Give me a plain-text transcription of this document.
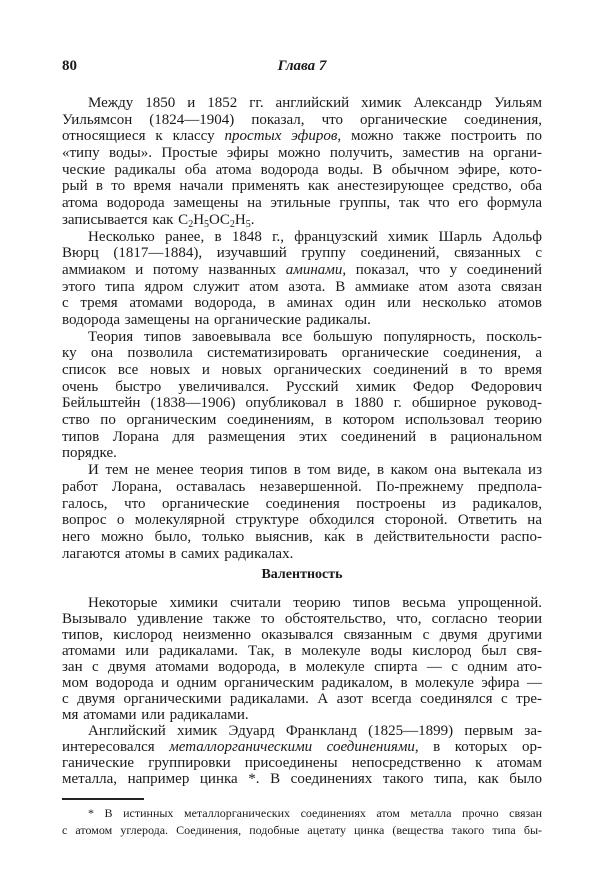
80	Глава 7
Между 1850 и 1852 гг. английский химик Александр Уильям
Уильямсон (1824—1904) показал, что органические соединения,
относящиеся к классу простых эфиров, можно также построить по
«типу воды». Простые эфиры можно получить, заместив на органи-
ческие радикалы оба атома водорода воды. В обычном эфире, кото-
рый в то время начали применять как анестезирующее средство, оба
атома водорода замещены на этильные группы, так что его формула
записывается как $C_2H_5OC_2H_5$.
Несколько ранее, в 1848 г., французский химик Шарль Адольф
Вюрц (1817—1884), изучавший группу соединений, связанных с
аммиаком и потому названных аминами, показал, что у соединений
этого типа ядром служит атом азота. В аммиаке атом азота связан
с тремя атомами водорода, в аминах один или несколько атомов
водорода замещены на органические радикалы.
Теория типов завоевывала все большую популярность, посколь-
ку она позволила систематизировать органические соединения, а
список все новых и новых органических соединений в то время
очень быстро увеличивался. Русский химик Федор Федорович
Бейльштейн (1838—1906) опубликовал в 1880 г. обширное руковод-
ство по органическим соединениям, в котором использовал теорию
типов Лорана для размещения этих соединений в рациональном
порядке.
И тем не менее теория типов в том виде, в каком она вытекала из
работ Лорана, оставалась незавершенной. По-прежнему предпола-
галось, что органические соединения построены из радикалов,
вопрос о молекулярной структуре обходился стороной. Ответить на
него можно было, только выяснив, ка́к в действительности распо-
лагаются атомы в самих радикалах.
Валентность
Некоторые химики считали теорию типов весьма упрощенной.
Вызывало удивление также то обстоятельство, что, согласно теории
типов, кислород неизменно оказывался связанным с двумя другими
атомами или радикалами. Так, в молекуле воды кислород был свя-
зан с двумя атомами водорода, в молекуле спирта — с одним ато-
мом водорода и одним органическим радикалом, в молекуле эфира —
с двумя органическими радикалами. А азот всегда соединялся с тре-
мя атомами или радикалами.
Английский химик Эдуард Франкланд (1825—1899) первым за-
интересовался металлорганическими соединениями, в которых ор-
ганические группировки присоединены непосредственно к атомам
металла, например цинка *. В соединениях такого типа, как было
* В истинных металлорганических соединениях атом металла прочно связан
с атомом углерода. Соединения, подобные ацетату цинка (вещества такого типа бы-
